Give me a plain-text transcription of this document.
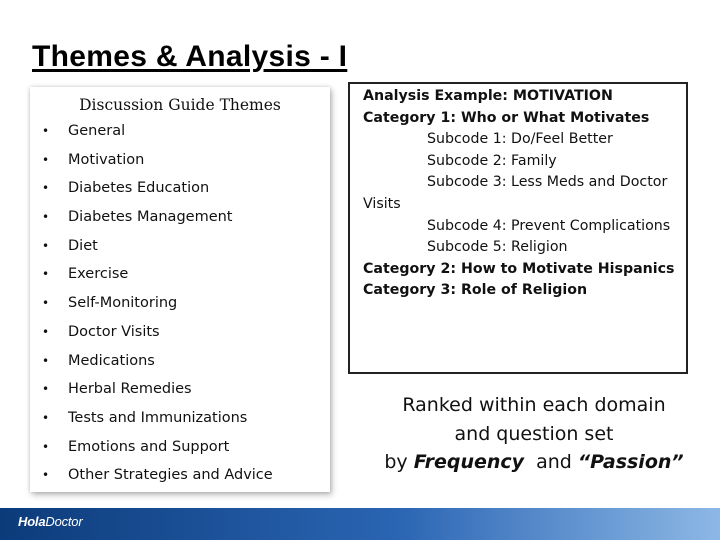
Themes & Analysis - I
Discussion Guide Themes
• General
• Motivation
• Diabetes Education
• Diabetes Management
• Diet
• Exercise
• Self-Monitoring
• Doctor Visits
• Medications
• Herbal Remedies
• Tests and Immunizations
• Emotions and Support
• Other Strategies and Advice
Analysis Example: MOTIVATION
Category 1: Who or What Motivates
Subcode 1: Do/Feel Better
Subcode 2: Family
Subcode 3: Less Meds and Doctor
Visits
Subcode 4: Prevent Complications
Subcode 5: Religion
Category 2: How to Motivate Hispanics
Category 3: Role of Religion
Ranked within each domain
and question set
by Frequency  and “Passion”
HolaDoctor
